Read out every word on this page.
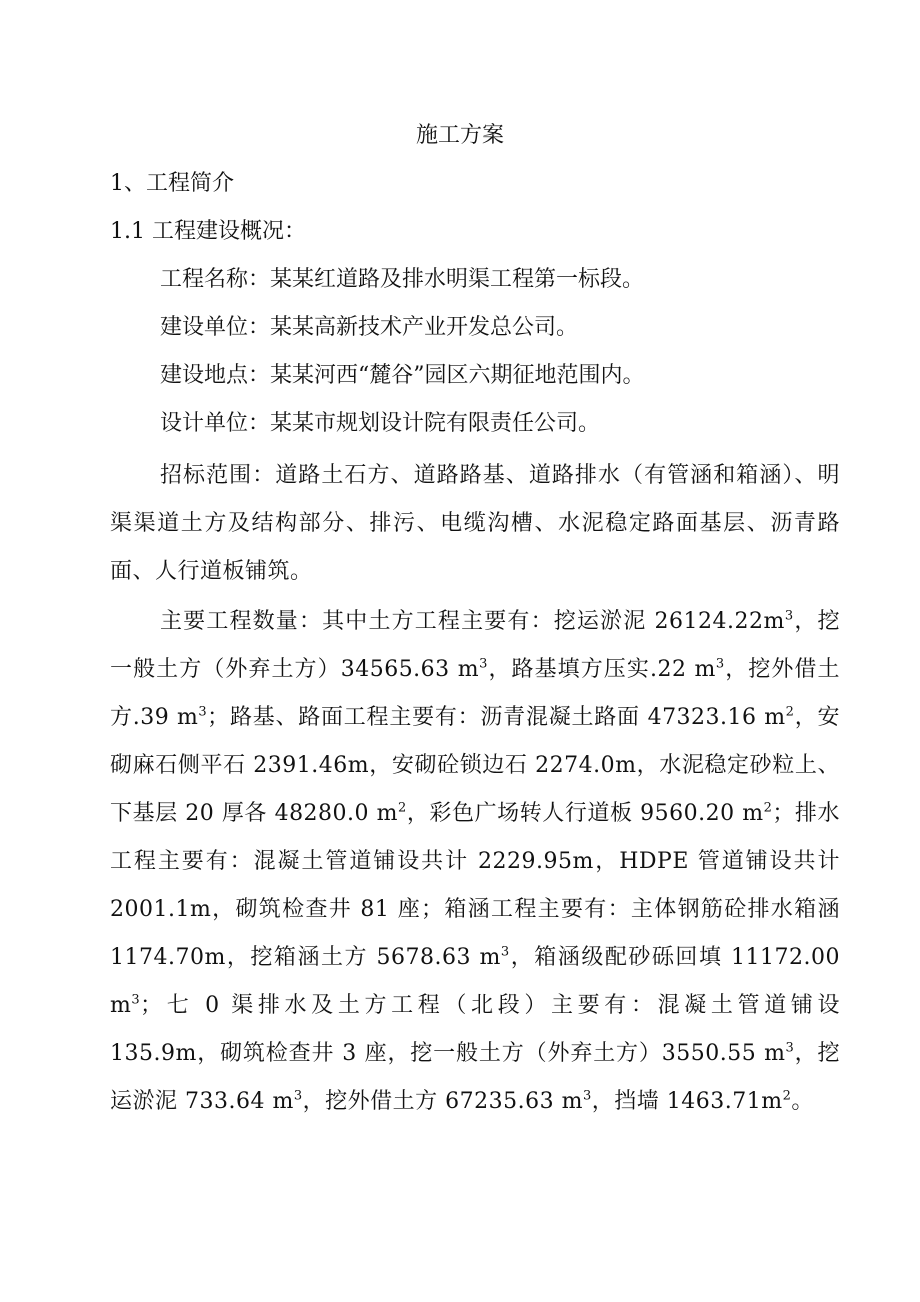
施工方案
1、工程简介
1.1 工程建设概况：
工程名称：某某红道路及排水明渠工程第一标段。
建设单位：某某高新技术产业开发总公司。
建设地点：某某河西“麓谷”园区六期征地范围内。
设计单位：某某市规划设计院有限责任公司。

招标范围：道路土石方、道路路基、道路排水（有管涵和箱涵）、明渠渠道土方及结构部分、排污、电缆沟槽、水泥稳定路面基层、沥青路面、人行道板铺筑。

主要工程数量：其中土方工程主要有：挖运淤泥 $26124.22m^3$，挖一般土方（外弃土方）34565.63 $m^3$，路基填方压实.22 $m^3$，挖外借土方.39 $m^3$；路基、路面工程主要有：沥青混凝土路面 47323.16 $m^2$，安砌麻石侧平石 2391.46m，安砌砼锁边石 2274.0m，水泥稳定砂粒上、下基层 20 厚各 48280.0 $m^2$，彩色广场转人行道板 9560.20 $m^2$；排水工程主要有：混凝土管道铺设共计 2229.95m，HDPE 管道铺设共计 2001.1m，砌筑检查井 81 座；箱涵工程主要有：主体钢筋砼排水箱涵 1174.70m，挖箱涵土方 5678.63 $m^3$，箱涵级配砂砾回填 11172.00 $m^3$；七 0 渠排水及土方工程（北段）主要有：混凝土管道铺设 135.9m，砌筑检查井 3 座，挖一般土方（外弃土方）3550.55 $m^3$，挖运淤泥 733.64 $m^3$，挖外借土方 67235.63 $m^3$，挡墙 $1463.71m^2$。
